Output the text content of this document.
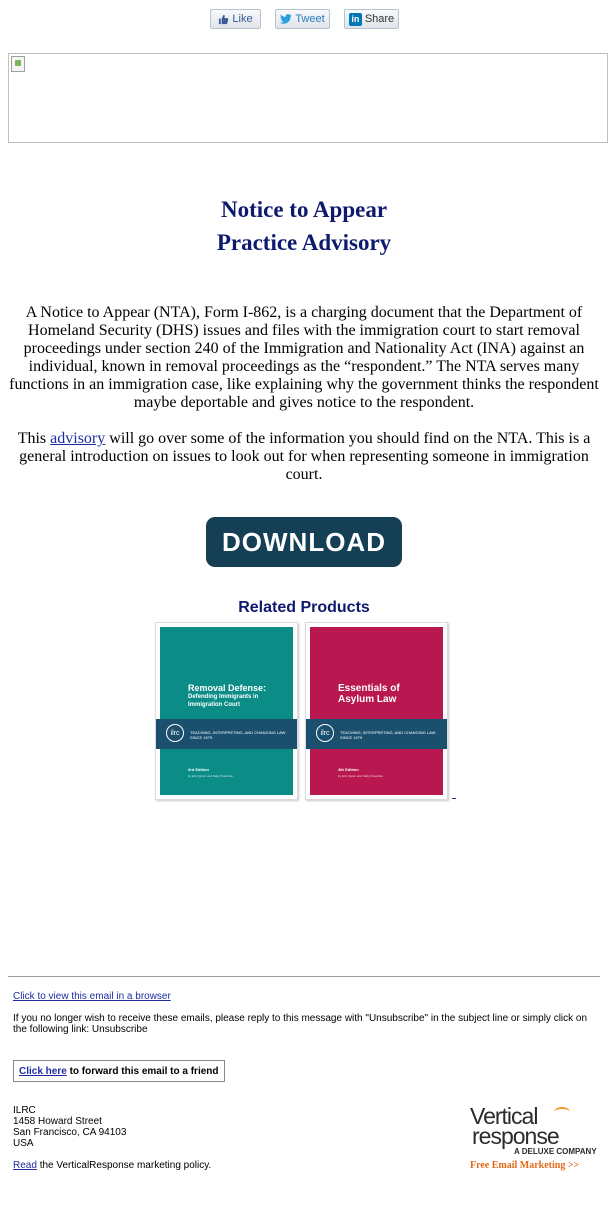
Like	Tweet	in Share
Notice to Appear
Practice Advisory

A Notice to Appear (NTA), Form I-862, is a charging document that the Department of Homeland Security (DHS) issues and files with the immigration court to start removal proceedings under section 240 of the Immigration and Nationality Act (INA) against an individual, known in removal proceedings as the “respondent.” The NTA serves many functions in an immigration case, like explaining why the government thinks the respondent maybe deportable and gives notice to the respondent.

This advisory will go over some of the information you should find on the NTA. This is a general introduction on issues to look out for when representing someone in immigration court.

DOWNLOAD
Related Products
Removal Defense:
Defending Immigrants in Immigration Court
ilrc	TEACHING, INTERPRETING, AND CHANGING LAW SINCE 1979
3rd Edition
by Erin Quinn and Sally Kinoshita
Essentials of Asylum Law
ilrc	TEACHING, INTERPRETING, AND CHANGING LAW SINCE 1979
4th Edition
by Erin Quinn and Sally Kinoshita
Click to view this email in a browser
If you no longer wish to receive these emails, please reply to this message with "Unsubscribe" in the subject line or simply click on the following link: Unsubscribe
Click here
to forward this email to a friend
ILRC
1458 Howard Street
San Francisco, CA 94103
USA
Read the VerticalResponse marketing policy.
Vertical
response
A DELUXE COMPANY
Free Email Marketing >>
